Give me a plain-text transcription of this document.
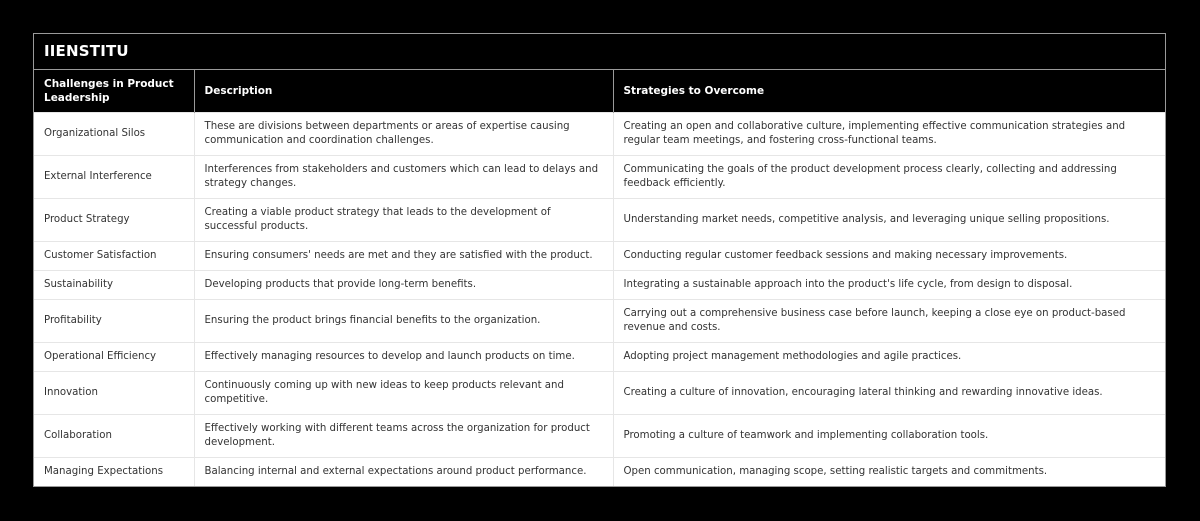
IIENSTITU
Challenges in Product Leadership	Description	Strategies to Overcome
Organizational Silos	These are divisions between departments or areas of expertise causing communication and coordination challenges.	Creating an open and collaborative culture, implementing effective communication strategies and regular team meetings, and fostering cross-functional teams.
External Interference	Interferences from stakeholders and customers which can lead to delays and strategy changes.	Communicating the goals of the product development process clearly, collecting and addressing feedback efficiently.
Product Strategy	Creating a viable product strategy that leads to the development of successful products.	Understanding market needs, competitive analysis, and leveraging unique selling propositions.
Customer Satisfaction	Ensuring consumers' needs are met and they are satisfied with the product.	Conducting regular customer feedback sessions and making necessary improvements.
Sustainability	Developing products that provide long-term benefits.	Integrating a sustainable approach into the product's life cycle, from design to disposal.
Profitability	Ensuring the product brings financial benefits to the organization.	Carrying out a comprehensive business case before launch, keeping a close eye on product-based revenue and costs.
Operational Efficiency	Effectively managing resources to develop and launch products on time.	Adopting project management methodologies and agile practices.
Innovation	Continuously coming up with new ideas to keep products relevant and competitive.	Creating a culture of innovation, encouraging lateral thinking and rewarding innovative ideas.
Collaboration	Effectively working with different teams across the organization for product development.	Promoting a culture of teamwork and implementing collaboration tools.
Managing Expectations	Balancing internal and external expectations around product performance.	Open communication, managing scope, setting realistic targets and commitments.
